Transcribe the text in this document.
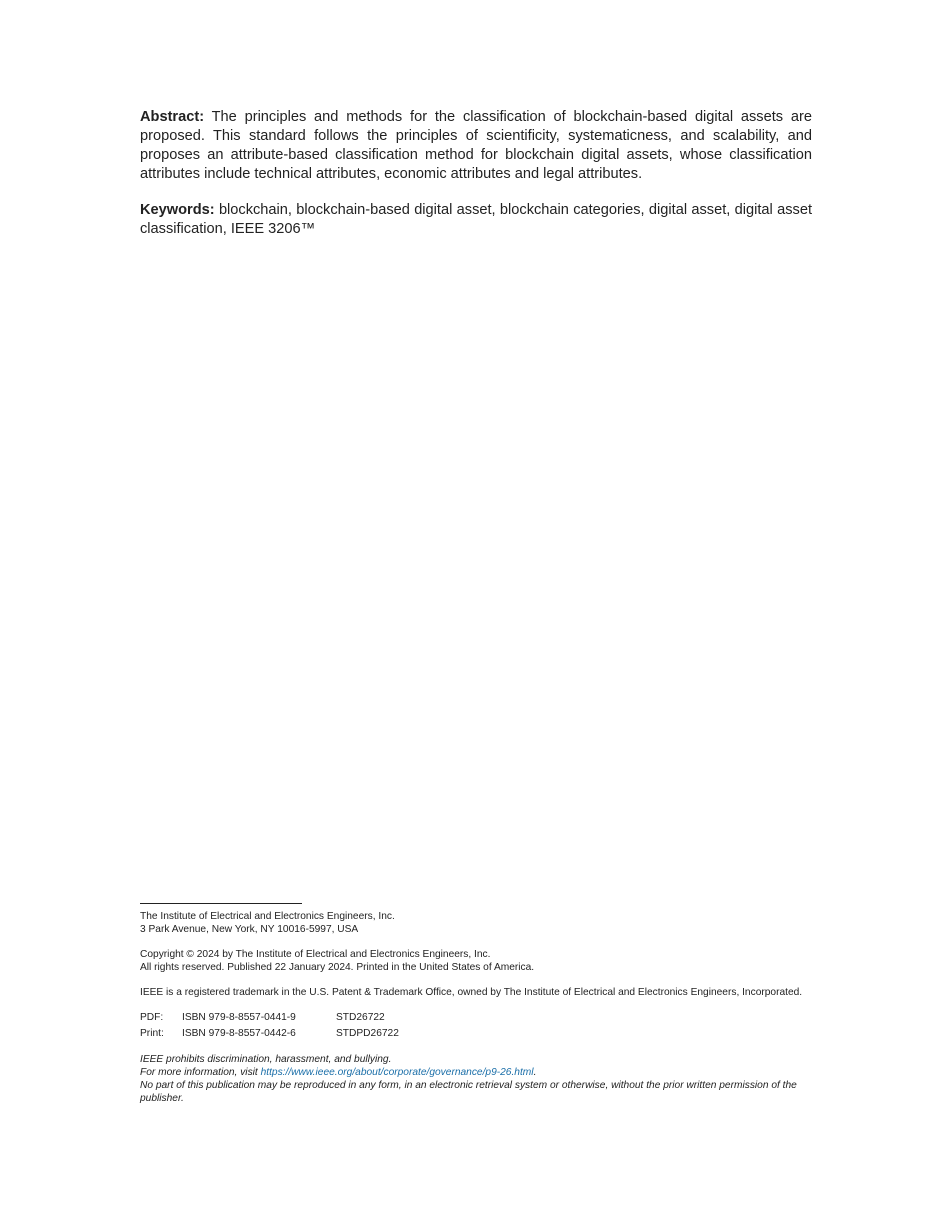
Abstract: The principles and methods for the classification of blockchain-based digital assets are proposed. This standard follows the principles of scientificity, systematicness, and scalability, and proposes an attribute-based classification method for blockchain digital assets, whose classification attributes include technical attributes, economic attributes and legal attributes.

Keywords: blockchain, blockchain-based digital asset, blockchain categories, digital asset, digital asset classification, IEEE 3206™

The Institute of Electrical and Electronics Engineers, Inc.
3 Park Avenue, New York, NY 10016-5997, USA
Copyright © 2024 by The Institute of Electrical and Electronics Engineers, Inc.
All rights reserved. Published 22 January 2024. Printed in the United States of America.
IEEE is a registered trademark in the U.S. Patent & Trademark Office, owned by The Institute of Electrical and Electronics Engineers, Incorporated.
PDF:	ISBN 979-8-8557-0441-9	STD26722
Print:	ISBN 979-8-8557-0442-6	STDPD26722
IEEE prohibits discrimination, harassment, and bullying.
For more information, visit https://www.ieee.org/about/corporate/governance/p9-26.html.
No part of this publication may be reproduced in any form, in an electronic retrieval system or otherwise, without the prior written permission of the publisher.
